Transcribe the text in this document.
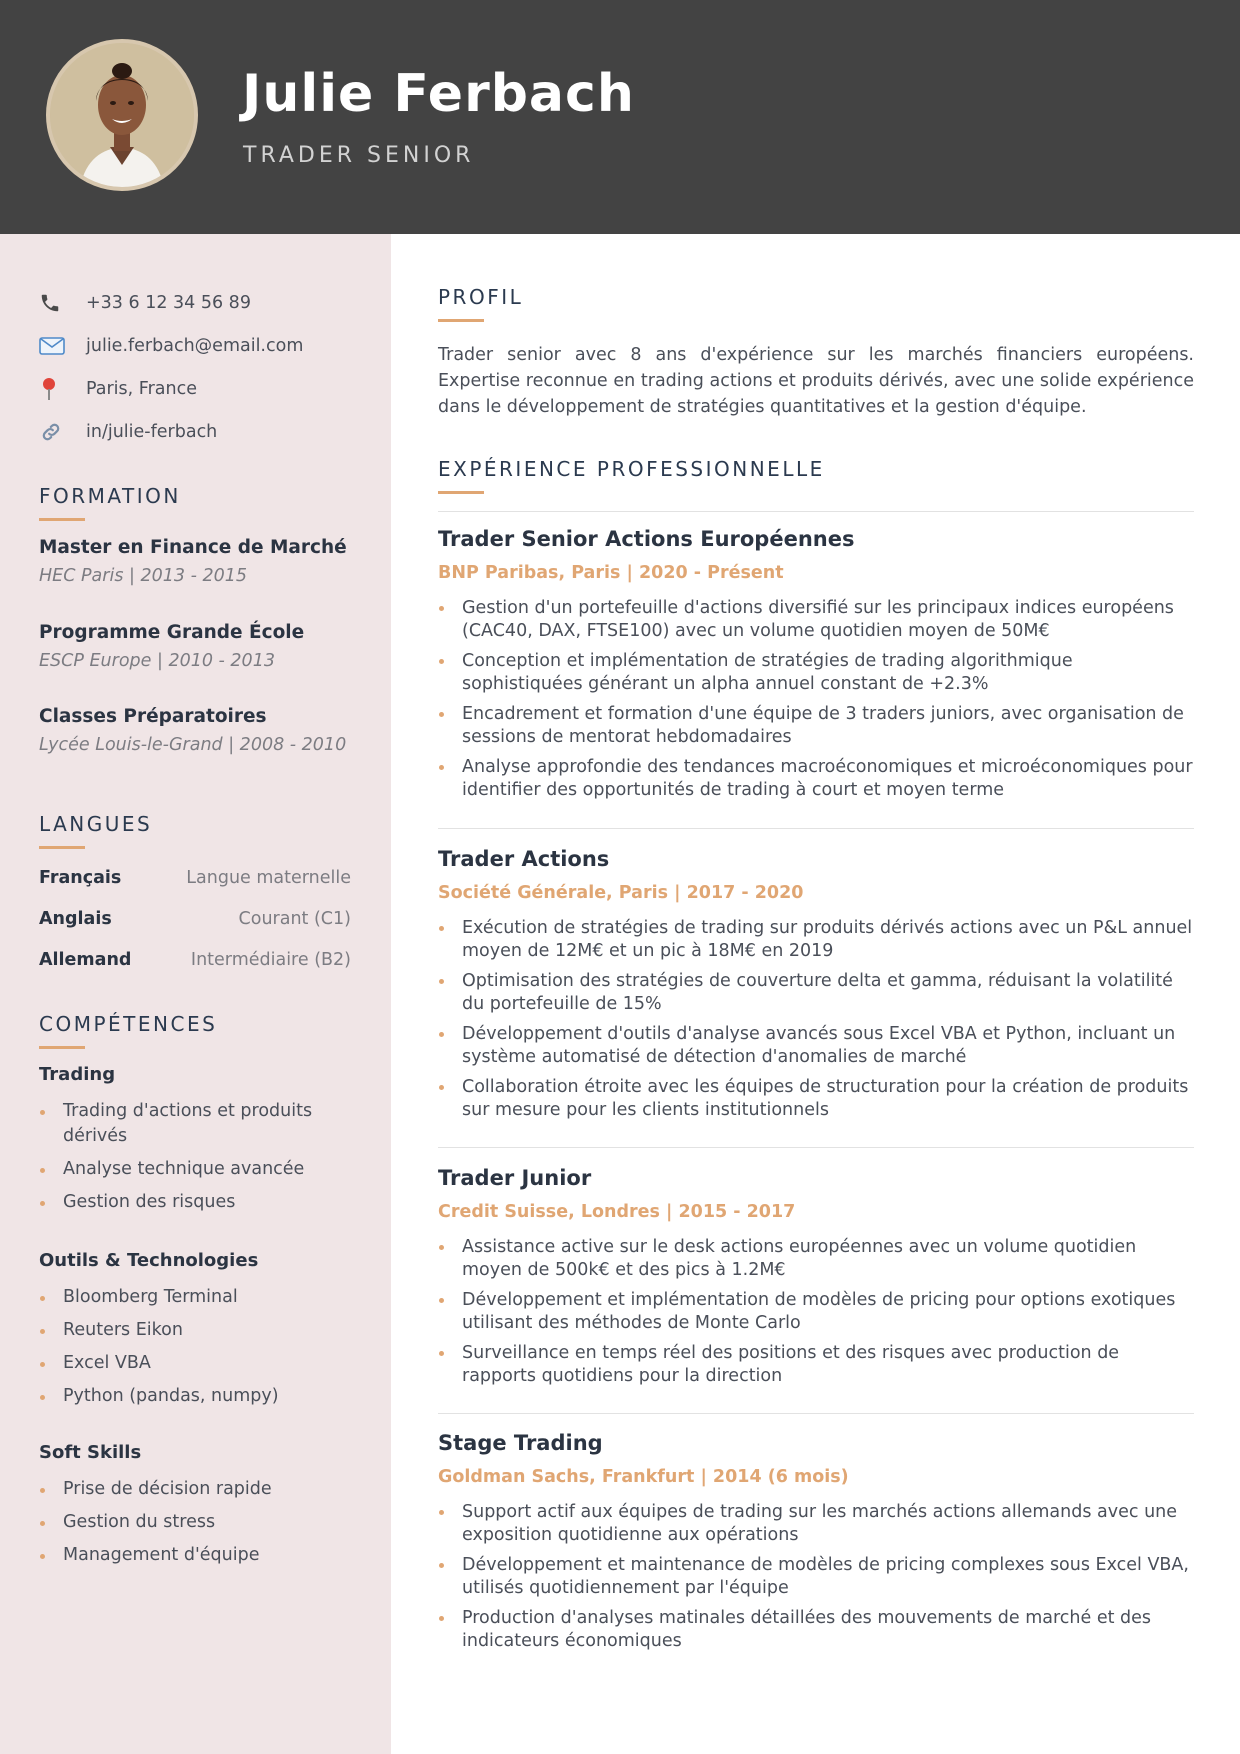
Julie Ferbach
TRADER SENIOR
+33 6 12 34 56 89
julie.ferbach@email.com
Paris, France
in/julie-ferbach
FORMATION
Master en Finance de Marché
HEC Paris | 2013 - 2015
Programme Grande École
ESCP Europe | 2010 - 2013
Classes Préparatoires
Lycée Louis-le-Grand | 2008 - 2010
LANGUES
Français	Langue maternelle
Anglais	Courant (C1)
Allemand	Intermédiaire (B2)
COMPÉTENCES
Trading
Trading d'actions et produits dérivés
Analyse technique avancée
Gestion des risques
Outils & Technologies
Bloomberg Terminal
Reuters Eikon
Excel VBA
Python (pandas, numpy)
Soft Skills
Prise de décision rapide
Gestion du stress
Management d'équipe
PROFIL
Trader senior avec 8 ans d'expérience sur les marchés financiers européens. Expertise reconnue en trading actions et produits dérivés, avec une solide expérience dans le développement de stratégies quantitatives et la gestion d'équipe.
EXPÉRIENCE PROFESSIONNELLE
Trader Senior Actions Européennes
BNP Paribas, Paris | 2020 - Présent
Gestion d'un portefeuille d'actions diversifié sur les principaux indices européens (CAC40, DAX, FTSE100) avec un volume quotidien moyen de 50M€
Conception et implémentation de stratégies de trading algorithmique sophistiquées générant un alpha annuel constant de +2.3%
Encadrement et formation d'une équipe de 3 traders juniors, avec organisation de sessions de mentorat hebdomadaires
Analyse approfondie des tendances macroéconomiques et microéconomiques pour identifier des opportunités de trading à court et moyen terme
Trader Actions
Société Générale, Paris | 2017 - 2020
Exécution de stratégies de trading sur produits dérivés actions avec un P&L annuel moyen de 12M€ et un pic à 18M€ en 2019
Optimisation des stratégies de couverture delta et gamma, réduisant la volatilité du portefeuille de 15%
Développement d'outils d'analyse avancés sous Excel VBA et Python, incluant un système automatisé de détection d'anomalies de marché
Collaboration étroite avec les équipes de structuration pour la création de produits sur mesure pour les clients institutionnels
Trader Junior
Credit Suisse, Londres | 2015 - 2017
Assistance active sur le desk actions européennes avec un volume quotidien moyen de 500k€ et des pics à 1.2M€
Développement et implémentation de modèles de pricing pour options exotiques utilisant des méthodes de Monte Carlo
Surveillance en temps réel des positions et des risques avec production de rapports quotidiens pour la direction
Stage Trading
Goldman Sachs, Frankfurt | 2014 (6 mois)
Support actif aux équipes de trading sur les marchés actions allemands avec une exposition quotidienne aux opérations
Développement et maintenance de modèles de pricing complexes sous Excel VBA, utilisés quotidiennement par l'équipe
Production d'analyses matinales détaillées des mouvements de marché et des indicateurs économiques
